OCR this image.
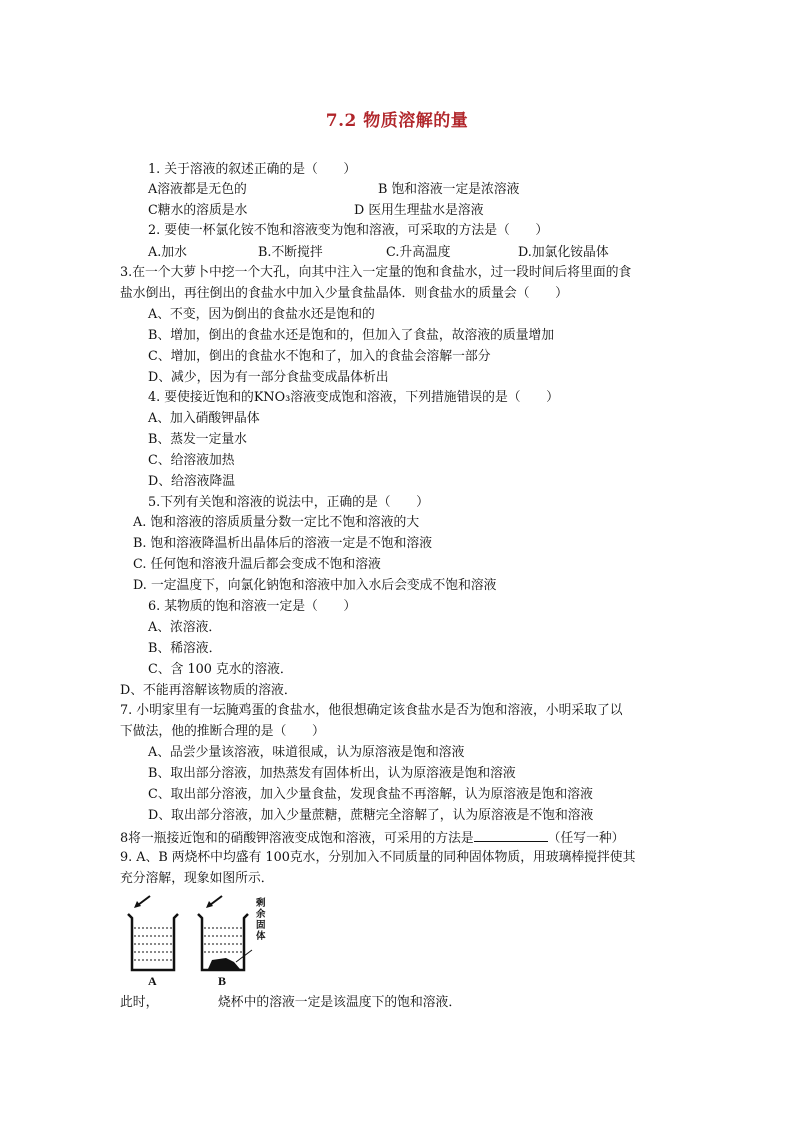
7.2 物质溶解的量
1. 关于溶液的叙述正确的是（　　）
A溶液都是无色的	B 饱和溶液一定是浓溶液
C糖水的溶质是水	D 医用生理盐水是溶液
2. 要使一杯氯化铵不饱和溶液变为饱和溶液，可采取的方法是（　　）
A.加水	B.不断搅拌	C.升高温度	D.加氯化铵晶体
3.在一个大萝卜中挖一个大孔，向其中注入一定量的饱和食盐水，过一段时间后将里面的食
盐水倒出，再往倒出的食盐水中加入少量食盐晶体．则食盐水的质量会（　　）
A、不变，因为倒出的食盐水还是饱和的
B、增加，倒出的食盐水还是饱和的，但加入了食盐，故溶液的质量增加
C、增加，倒出的食盐水不饱和了，加入的食盐会溶解一部分
D、减少，因为有一部分食盐变成晶体析出
4. 要使接近饱和的KNO₃溶液变成饱和溶液，下列措施错误的是（　　）
A、加入硝酸钾晶体
B、蒸发一定量水
C、给溶液加热
D、给溶液降温
5.下列有关饱和溶液的说法中，正确的是（　　）
A. 饱和溶液的溶质质量分数一定比不饱和溶液的大
B. 饱和溶液降温析出晶体后的溶液一定是不饱和溶液
C. 任何饱和溶液升温后都会变成不饱和溶液
D. 一定温度下，向氯化钠饱和溶液中加入水后会变成不饱和溶液
6. 某物质的饱和溶液一定是（　　）
A、浓溶液．
B、稀溶液．
C、含 100 克水的溶液．
D、不能再溶解该物质的溶液．
7. 小明家里有一坛腌鸡蛋的食盐水，他很想确定该食盐水是否为饱和溶液，小明采取了以
下做法，他的推断合理的是（　　）
A、品尝少量该溶液，味道很咸，认为原溶液是饱和溶液
B、取出部分溶液，加热蒸发有固体析出，认为原溶液是饱和溶液
C、取出部分溶液，加入少量食盐，发现食盐不再溶解，认为原溶液是饱和溶液
D、取出部分溶液，加入少量蔗糖，蔗糖完全溶解了，认为原溶液是不饱和溶液
8将一瓶接近饱和的硝酸钾溶液变成饱和溶液，可采用的方法是	（任写一种）
9. A、B 两烧杯中均盛有 100克水，分别加入不同质量的同种固体物质，用玻璃棒搅拌使其
充分溶解，现象如图所示．
A	B
剩余固体
此时，	烧杯中的溶液一定是该温度下的饱和溶液．
